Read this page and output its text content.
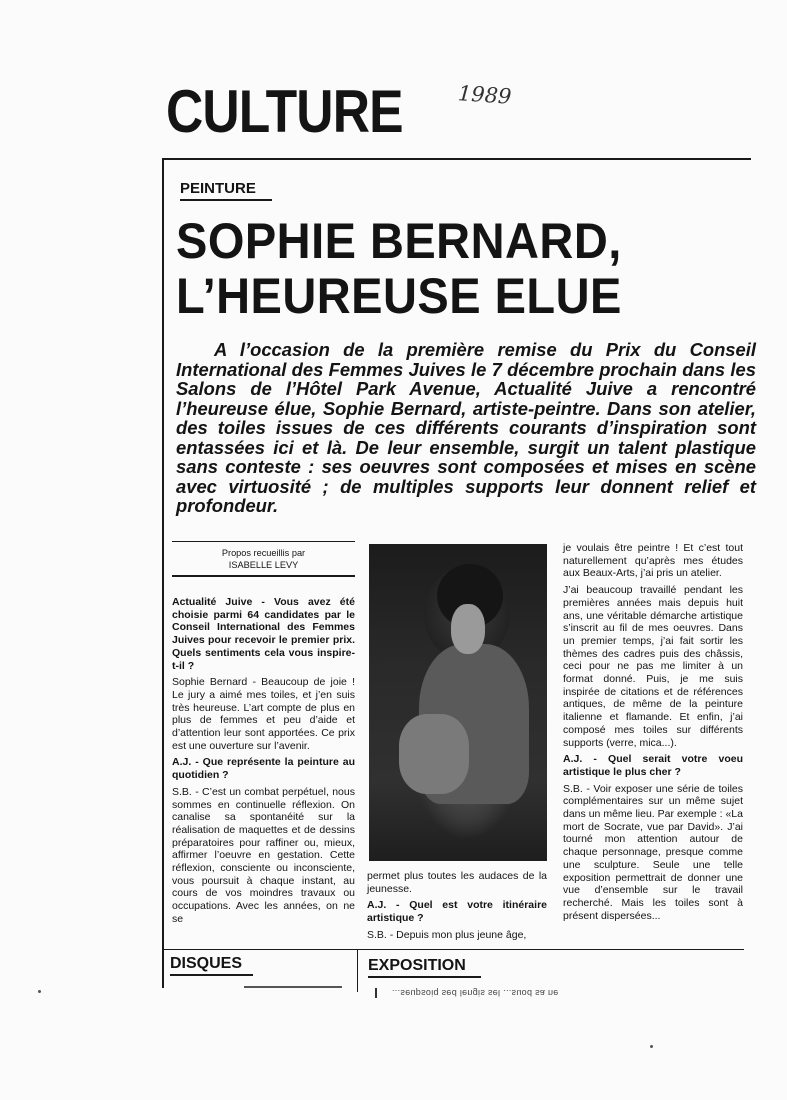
CULTURE	1989
PEINTURE
SOPHIE BERNARD,
L’HEUREUSE ELUE
A l’occasion de la première remise du Prix du Conseil International des Femmes Juives le 7 décembre prochain dans les Salons de l’Hôtel Park Avenue, Actualité Juive a rencontré l’heureuse élue, Sophie Bernard, artiste-peintre. Dans son atelier, des toiles issues de ces différents courants d’inspiration sont entassées ici et là. De leur ensemble, surgit un talent plastique sans conteste : ses oeuvres sont composées et mises en scène avec virtuosité ; de multiples supports leur donnent relief et profondeur.
Propos recueillis par
ISABELLE LEVY

Actualité Juive - Vous avez été choisie parmi 64 candidates par le Conseil International des Femmes Juives pour recevoir le premier prix. Quels sentiments cela vous inspire-t-il ?

Sophie Bernard - Beaucoup de joie ! Le jury a aimé mes toiles, et j’en suis très heureuse. L’art compte de plus en plus de femmes et peu d’aide et d’attention leur sont apportées. Ce prix est une ouverture sur l’avenir.

A.J. - Que représente la peinture au quotidien ?

S.B. - C’est un combat perpétuel, nous sommes en continuelle réflexion. On canalise sa spontanéité sur la réalisation de maquettes et de dessins préparatoires pour raffiner ou, mieux, affirmer l’oeuvre en gestation. Cette réflexion, consciente ou inconsciente, vous poursuit à chaque instant, au cours de vos moindres travaux ou occupations. Avec les années, on ne se

permet plus toutes les audaces de la jeunesse.

A.J. - Quel est votre itinéraire artistique ?

S.B. - Depuis mon plus jeune âge,

je voulais être peintre ! Et c’est tout naturellement qu’après mes études aux Beaux-Arts, j’ai pris un atelier.

J’ai beaucoup travaillé pendant les premières années mais depuis huit ans, une véritable démarche artistique s’inscrit au fil de mes oeuvres. Dans un premier temps, j’ai fait sortir les thèmes des cadres puis des châssis, ceci pour ne pas me limiter à un format donné. Puis, je me suis inspirée de citations et de références antiques, de même de la peinture italienne et flamande. Et enfin, j’ai composé mes toiles sur différents supports (verre, mica...).

A.J. - Quel serait votre voeu artistique le plus cher ?

S.B. - Voir exposer une série de toiles complémentaires sur un même sujet dans un même lieu. Par exemple : «La mort de Socrate, vue par David». J’ai tourné mon attention autour de chaque personnage, presque comme une sculpture. Seule une telle exposition permettrait de donner une vue d’ensemble sur le travail recherché. Mais les toiles sont à présent dispersées...

DISQUES	EXPOSITION
...seupsoiq sed lengis sel ...suod sa ne
